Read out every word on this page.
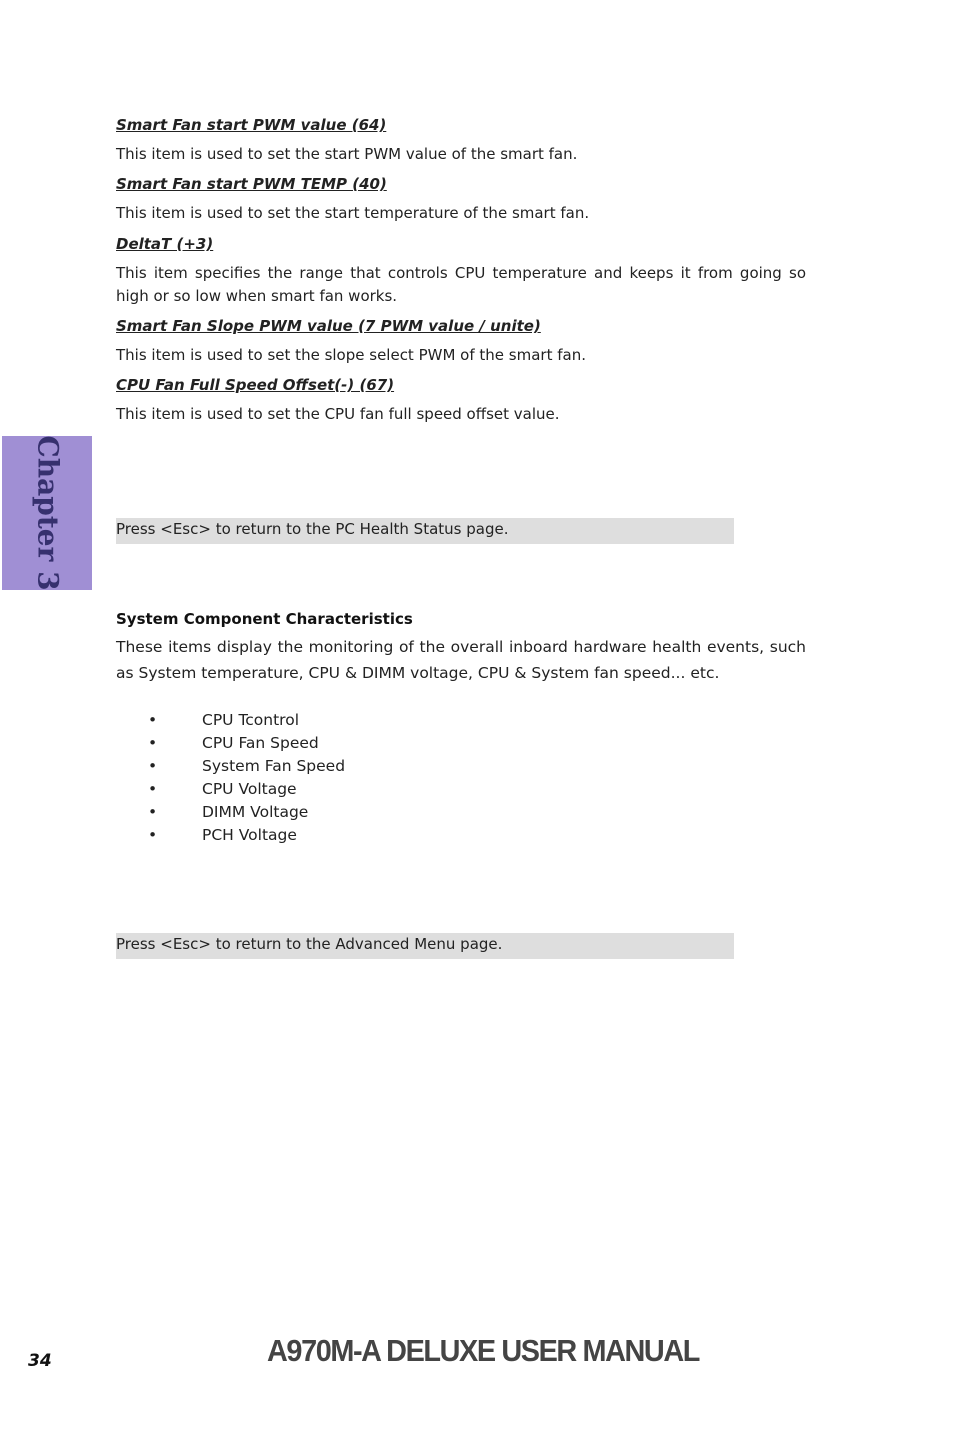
Smart Fan start PWM value (64)
This item is used to set the start PWM value of the smart fan.
Smart Fan start PWM TEMP (40)
This item is used to set the start temperature of the smart fan.
DeltaT (+3)
This item specifies the range that controls CPU temperature and keeps it from going so high or so low when smart fan works.
Smart Fan Slope PWM value (7 PWM value / unite)
This item is used to set the slope select PWM of the smart fan.
CPU Fan Full Speed Offset(-) (67)
This item is used to set the CPU fan full speed offset value.
Chapter 3	Press <Esc> to return to the PC Health Status page.
System Component Characteristics
These items display the monitoring of the overall inboard hardware health events, such as System temperature, CPU & DIMM voltage, CPU & System fan speed... etc.
•	CPU Tcontrol
•	CPU Fan Speed
•	System Fan Speed
•	CPU Voltage
•	DIMM Voltage
•	PCH Voltage
Press <Esc> to return to the Advanced Menu page.
34	A970M-A DELUXE USER MANUAL
